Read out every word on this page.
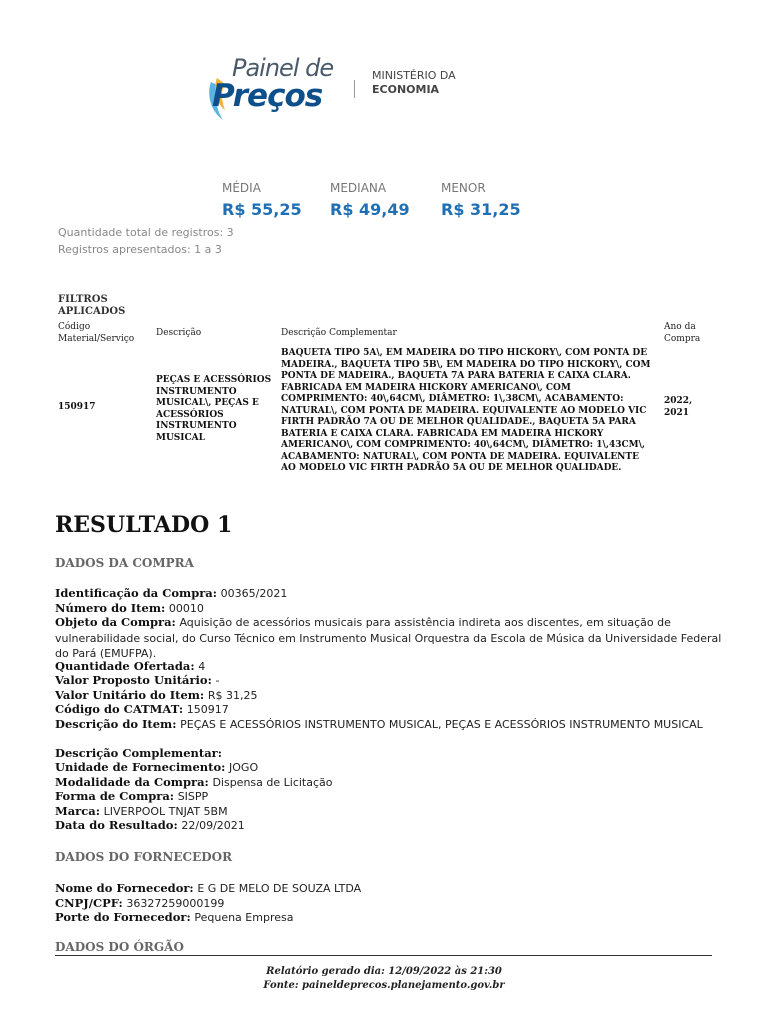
Painel de
Preços
MINISTÉRIO DA
ECONOMIA
MÉDIA
R$ 55,25
MEDIANA
R$ 49,49
MENOR
R$ 31,25
Quantidade total de registros: 3
Registros apresentados: 1 a 3
FILTROS APLICADOS
Código Material/Serviço
Descrição	Descrição Complementar
Ano da Compra
150917
PEÇAS E ACESSÓRIOS INSTRUMENTO MUSICAL\, PEÇAS E ACESSÓRIOS INSTRUMENTO MUSICAL
BAQUETA TIPO 5A\, EM MADEIRA DO TIPO HICKORY\, COM PONTA DE MADEIRA., BAQUETA TIPO 5B\, EM MADEIRA DO TIPO HICKORY\, COM PONTA DE MADEIRA., BAQUETA 7A PARA BATERIA E CAIXA CLARA. FABRICADA EM MADEIRA HICKORY AMERICANO\, COM COMPRIMENTO: 40\,64CM\, DIÂMETRO: 1\,38CM\, ACABAMENTO: NATURAL\, COM PONTA DE MADEIRA. EQUIVALENTE AO MODELO VIC FIRTH PADRÃO 7A OU DE MELHOR QUALIDADE., BAQUETA 5A PARA BATERIA E CAIXA CLARA. FABRICADA EM MADEIRA HICKORY AMERICANO\, COM COMPRIMENTO: 40\,64CM\, DIÂMETRO: 1\,43CM\, ACABAMENTO: NATURAL\, COM PONTA DE MADEIRA. EQUIVALENTE AO MODELO VIC FIRTH PADRÃO 5A OU DE MELHOR QUALIDADE.
2022, 2021
RESULTADO 1
DADOS DA COMPRA
Identificação da Compra: 00365/2021
Número do Item: 00010
Objeto da Compra: Aquisição de acessórios musicais para assistência indireta aos discentes, em situação de vulnerabilidade social, do Curso Técnico em Instrumento Musical Orquestra da Escola de Música da Universidade Federal do Pará (EMUFPA).
Quantidade Ofertada: 4
Valor Proposto Unitário: -
Valor Unitário do Item: R$ 31,25
Código do CATMAT: 150917
Descrição do Item: PEÇAS E ACESSÓRIOS INSTRUMENTO MUSICAL, PEÇAS E ACESSÓRIOS INSTRUMENTO MUSICAL
Descrição Complementar:
Unidade de Fornecimento: JOGO
Modalidade da Compra: Dispensa de Licitação
Forma de Compra: SISPP
Marca: LIVERPOOL TNJAT 5BM
Data do Resultado: 22/09/2021
DADOS DO FORNECEDOR
Nome do Fornecedor: E G DE MELO DE SOUZA LTDA
CNPJ/CPF: 36327259000199
Porte do Fornecedor: Pequena Empresa
DADOS DO ÓRGÃO
Relatório gerado dia: 12/09/2022 às 21:30
Fonte: paineldeprecos.planejamento.gov.br
